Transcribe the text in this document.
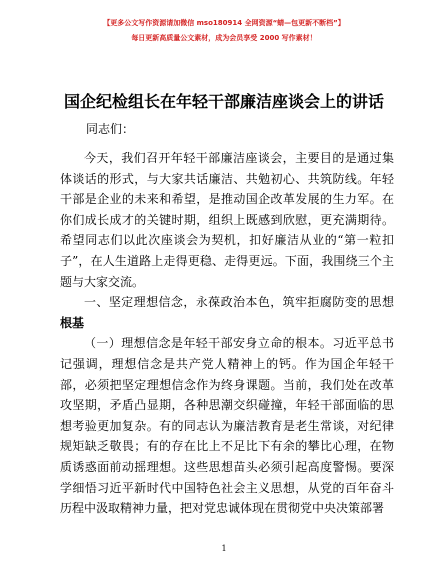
【更多公文写作资源请加微信 mso180914 全网资源“蜻—包更新不断档”】
每日更新高质量公文素材，成为会员享受 2000 写作素材！
国企纪检组长在年轻干部廉洁座谈会上的讲话
同志们：

今天，我们召开年轻干部廉洁座谈会，主要目的是通过集体谈话的形式，与大家共话廉洁、共勉初心、共筑防线。年轻干部是企业的未来和希望，是推动国企改革发展的生力军。在你们成长成才的关键时期，组织上既感到欣慰，更充满期待。希望同志们以此次座谈会为契机，扣好廉洁从业的“第一粒扣子”，在人生道路上走得更稳、走得更远。下面，我围绕三个主题与大家交流。

一、坚定理想信念，永葆政治本色，筑牢拒腐防变的思想根基

（一）理想信念是年轻干部安身立命的根本。习近平总书记强调，理想信念是共产党人精神上的钙。作为国企年轻干部，必须把坚定理想信念作为终身课题。当前，我们处在改革攻坚期，矛盾凸显期，各种思潮交织碰撞，年轻干部面临的思想考验更加复杂。有的同志认为廉洁教育是老生常谈，对纪律规矩缺乏敬畏；有的存在比上不足比下有余的攀比心理，在物质诱惑面前动摇理想。这些思想苗头必须引起高度警惕。要深学细悟习近平新时代中国特色社会主义思想，从党的百年奋斗历程中汲取精神力量，把对党忠诚体现在贯彻党中央决策部署

1
